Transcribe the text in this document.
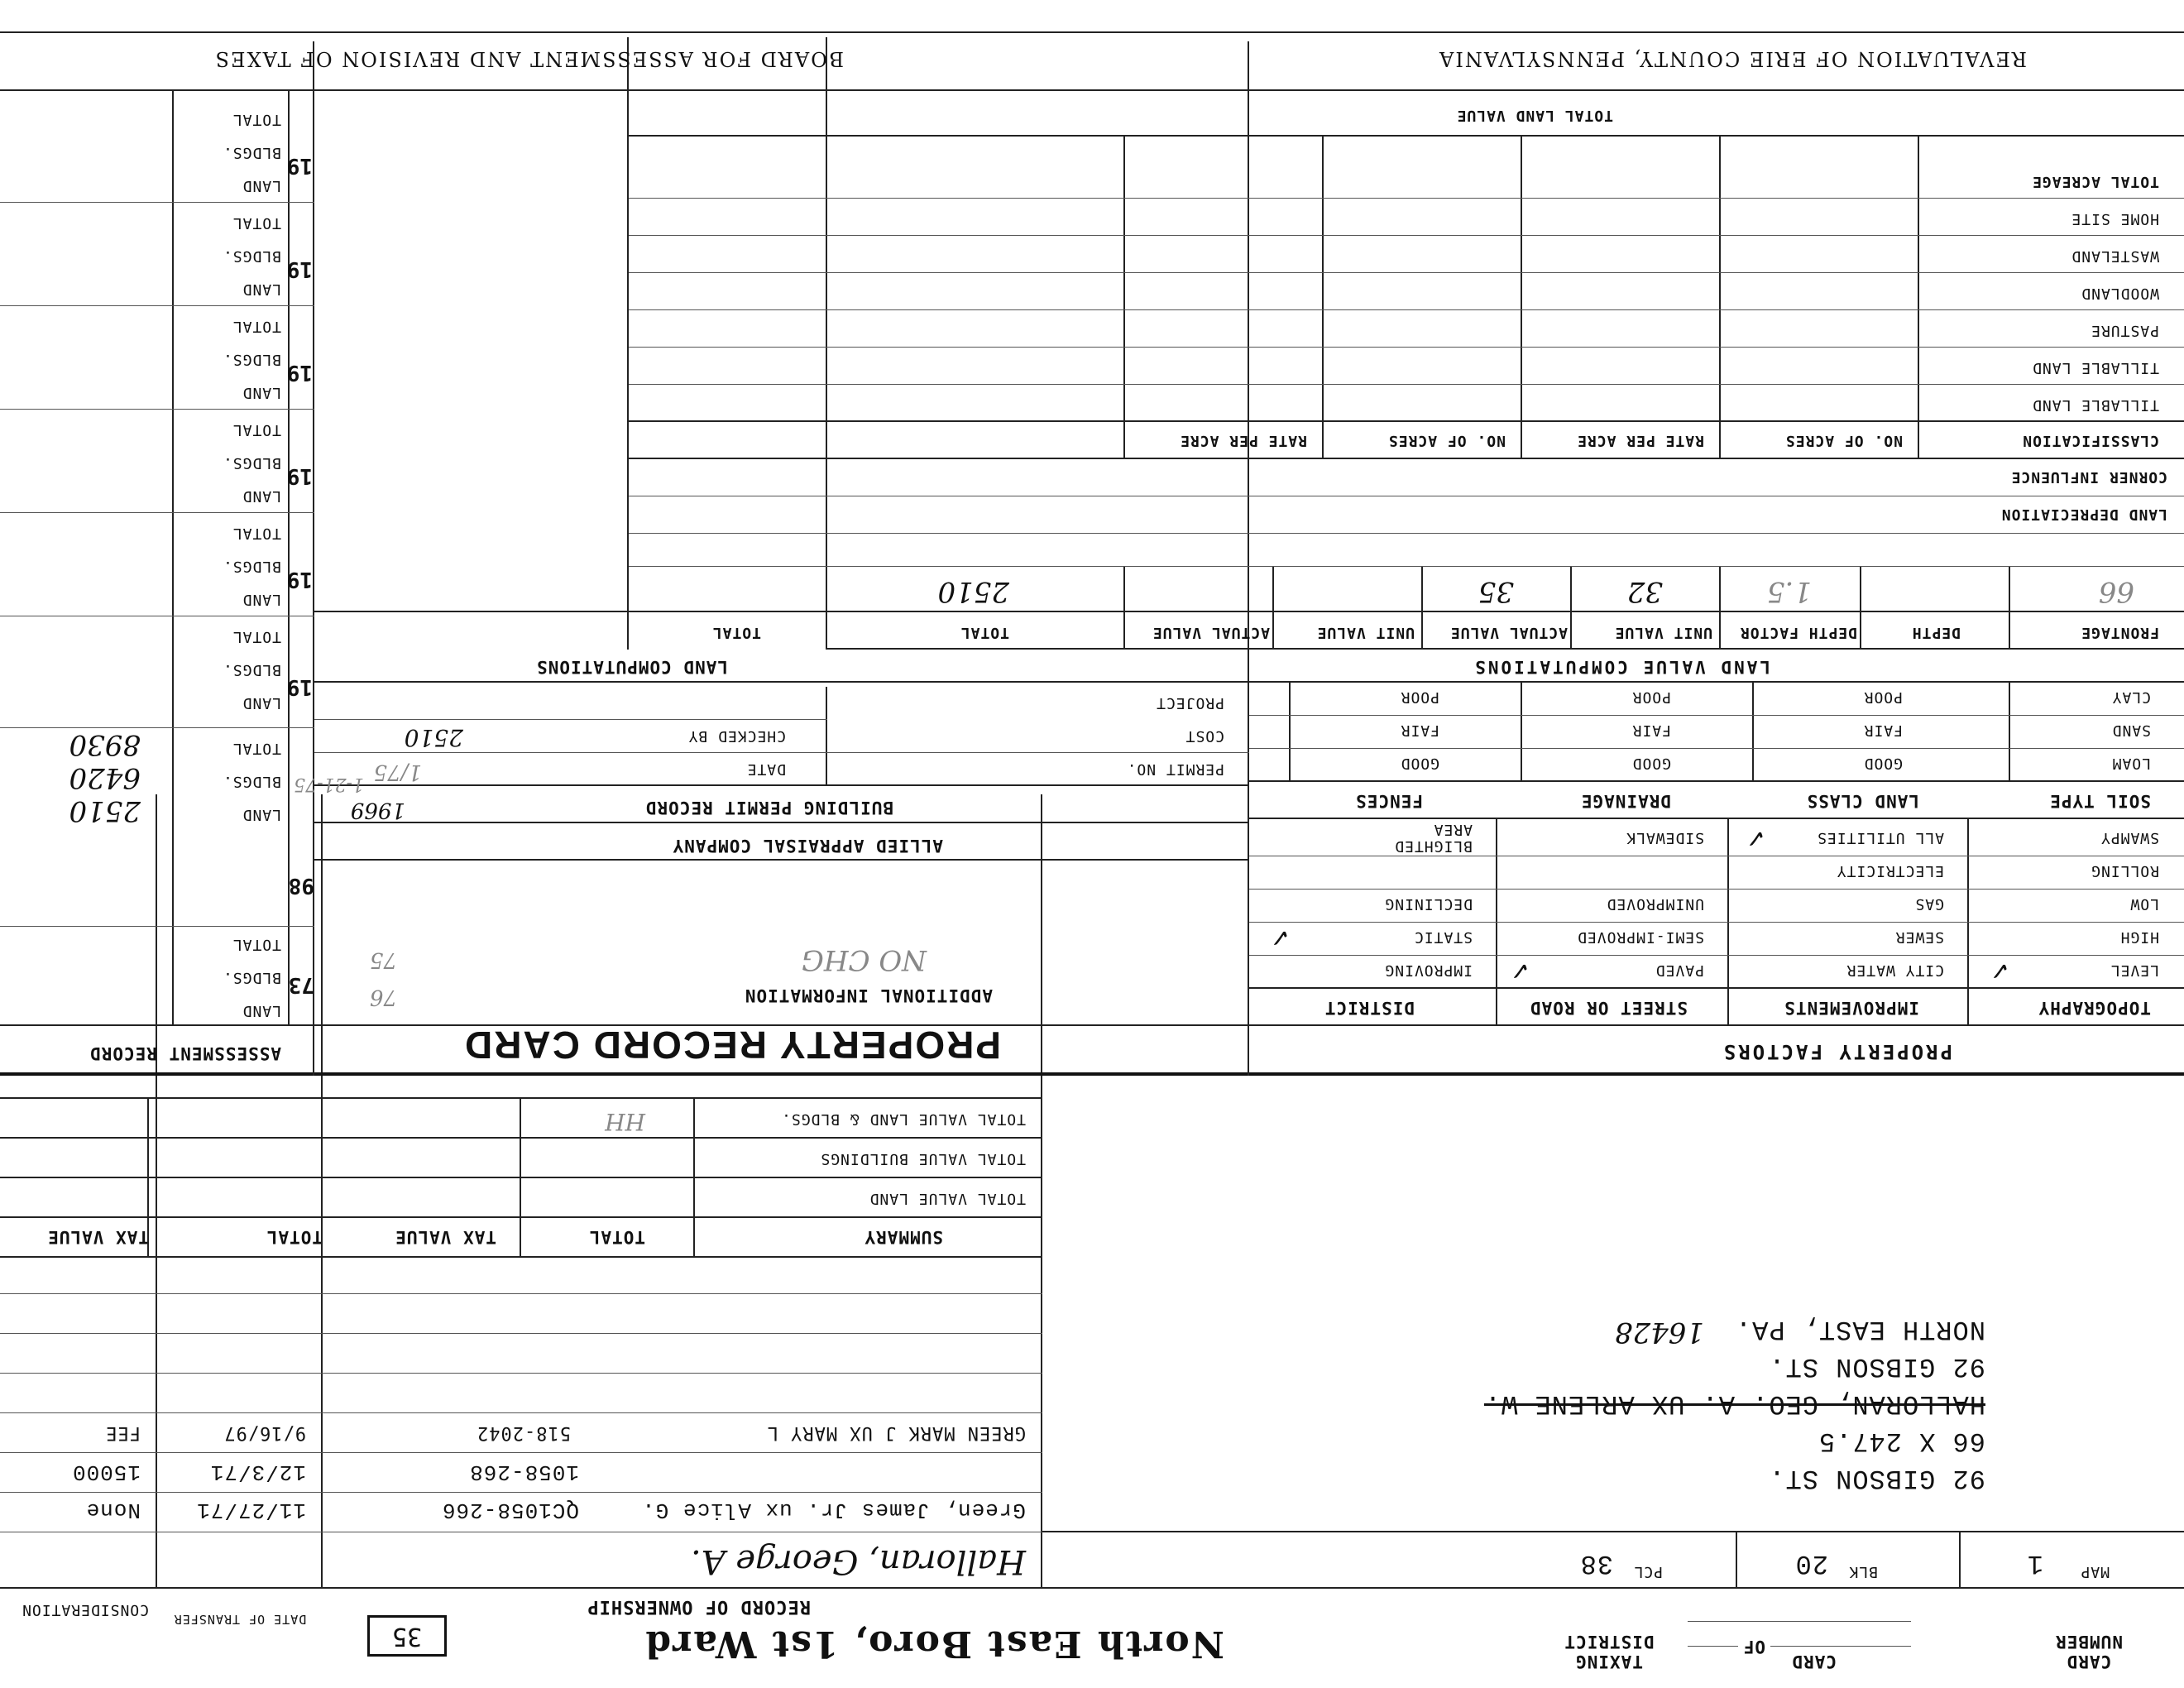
CARD NUMBER
CARD
OF
TAXING DISTRICT
North East Boro, 1st Ward
35
MAP
1
BLK
20
PCL
38
92 GIBSON ST.
66 X 247.5
HALLORAN, GEO. A. UX ARLENE W.
92 GIBSON ST.
NORTH EAST, PA.
16428
RECORD OF OWNERSHIP
DATE OF TRANSFER
CONSIDERATION
Halloran, George A.
Green, James Jr. ux Alice G.
QC1058-266
11/27/71
None
1058-268
12/3/71
15000
GREEN MARK J UX MARY L
518-2042
9/16/97
FEE
SUMMARY
TOTAL
TAX VALUE
TOTAL
TAX VALUE
TOTAL VALUE LAND
TOTAL VALUE BUILDINGS
TOTAL VALUE LAND & BLDGS.
HH
PROPERTY FACTORS
PROPERTY RECORD CARD
ASSESSMENT RECORD
TOPOGRAPHY
IMPROVEMENTS
STREET OR ROAD
DISTRICT
LEVEL
HIGH
LOW
ROLLING
SWAMPY
✓
CITY WATER
SEWER
GAS
ELECTRICITY
ALL UTILITIES
✓
PAVED
SEMI-IMPROVED
UNIMPROVED
SIDEWALK
✓
IMPROVING
STATIC
DECLINING
BLIGHTED AREA
✓
SOIL TYPE
LAND CLASS
DRAINAGE
FENCES
LOAM
SAND
CLAY
GOOD
FAIR
POOR
GOOD
FAIR
POOR
GOOD
FAIR
POOR
ADDITIONAL INFORMATION
NO CHG
ALLIED APPRAISAL COMPANY
BUILDING PERMIT RECORD
1969
PERMIT NO.
COST
PROJECT
DATE
CHECKED BY
1/75
2510
LAND COMPUTATIONS	LAND VALUE COMPUTATIONS
FRONTAGE
DEPTH
DEPTH FACTOR
UNIT VALUE
ACTUAL VALUE
UNIT VALUE
ACTUAL VALUE
TOTAL
TOTAL
66
1.5
32
35
2510
LAND DEPRECIATION
CORNER INFLUENCE
CLASSIFICATION
NO. OF ACRES
RATE PER ACRE
NO. OF ACRES
RATE PER ACRE
TILLABLE LAND
TILLABLE LAND
PASTURE
WOODLAND
WASTELAND
HOME SITE
TOTAL ACREAGE
TOTAL LAND VALUE
73
LAND
BLDGS.
TOTAL
76
75
98
LAND
BLDGS.
TOTAL
2510
6420
8930
1-21-75
19
LAND
BLDGS.
TOTAL
19
LAND
BLDGS.
TOTAL
19
LAND
BLDGS.
TOTAL
19
LAND
BLDGS.
TOTAL
19
LAND
BLDGS.
TOTAL
19
LAND
BLDGS.
TOTAL
REVALUATION OF ERIE COUNTY, PENNSYLVANIA
BOARD FOR ASSESSMENT AND REVISION OF TAXES
